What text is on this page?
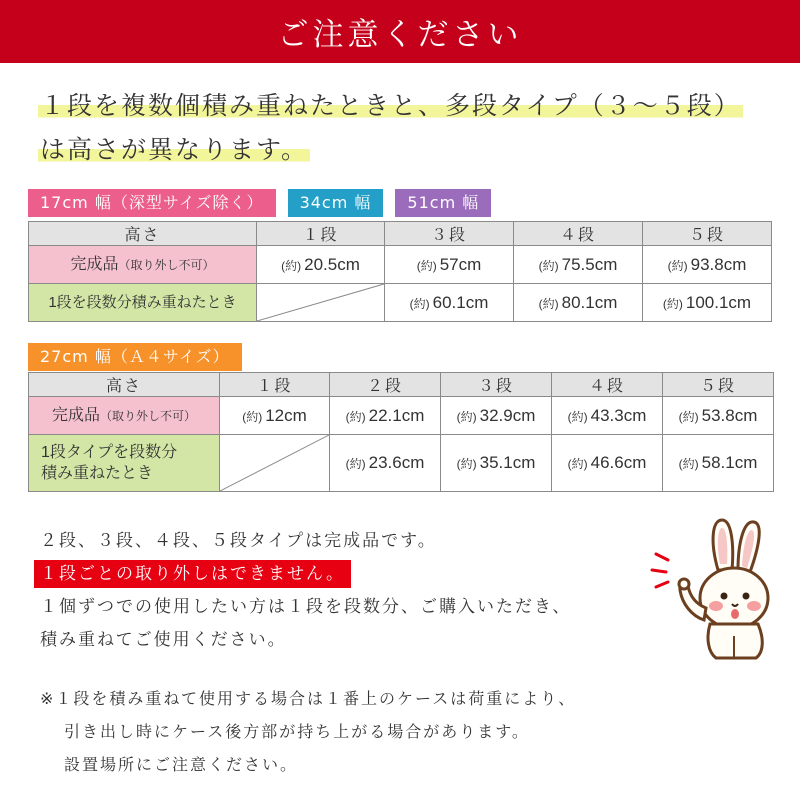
ご注意ください
１段を複数個積み重ねたときと、多段タイプ（３〜５段）
は高さが異なります。
17cm 幅（深型サイズ除く）	34cm 幅	51cm 幅
高さ	１段	３段	４段	５段
完成品（取り外し不可）	(約) 20.5cm	(約) 57cm	(約) 75.5cm	(約) 93.8cm
1段を段数分積み重ねたとき		(約) 60.1cm	(約) 80.1cm	(約) 100.1cm
27cm 幅（Ａ４サイズ）
高さ	１段	２段	３段	４段	５段
完成品（取り外し不可）	(約) 12cm	(約) 22.1cm	(約) 32.9cm	(約) 43.3cm	(約) 53.8cm
1段タイプを段数分
積み重ねたとき		(約) 23.6cm	(約) 35.1cm	(約) 46.6cm	(約) 58.1cm
２段、３段、４段、５段タイプは完成品です。
１段ごとの取り外しはできません。
１個ずつでの使用したい方は１段を段数分、ご購入いただき、
積み重ねてご使用ください。
※１段を積み重ねて使用する場合は１番上のケースは荷重により、
引き出し時にケース後方部が持ち上がる場合があります。
設置場所にご注意ください。
